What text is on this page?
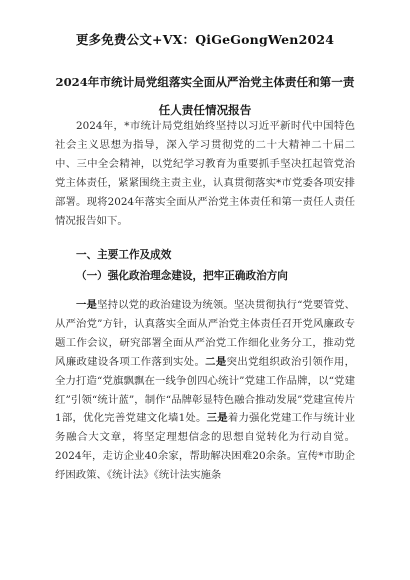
更多免费公文+VX：QiGeGongWen2024
2024年市统计局党组落实全面从严治党主体责任和第一责任人责任情况报告
2024年，*市统计局党组始终坚持以习近平新时代中国特色社会主义思想为指导，深入学习贯彻党的二十大精神二十届二中、三中全会精神，以党纪学习教育为重要抓手坚决扛起管党治党主体责任，紧紧围绕主责主业，认真贯彻落实*市党委各项安排部署。现将2024年落实全面从严治党主体责任和第一责任人责任情况报告如下。
一、主要工作及成效
（一）强化政治理念建设，把牢正确政治方向
一是坚持以党的政治建设为统领。坚决贯彻执行“党要管党、从严治党”方针，认真落实全面从严治党主体责任召开党风廉政专题工作会议，研究部署全面从严治党工作细化业务分工，推动党风廉政建设各项工作落到实处。二是突出党组织政治引领作用，全力打造“党旗飘飘在一线争创四心统计”党建工作品牌，以“党建红”引领“统计蓝”，制作“品牌彰显特色融合推动发展”党建宣传片1部，优化完善党建文化墙1处。三是着力强化党建工作与统计业务融合大文章，将坚定理想信念的思想自觉转化为行动自觉。2024年，走访企业40余家，帮助解决困难20余条。宣传*市助企纾困政策、《统计法》《统计法实施条
